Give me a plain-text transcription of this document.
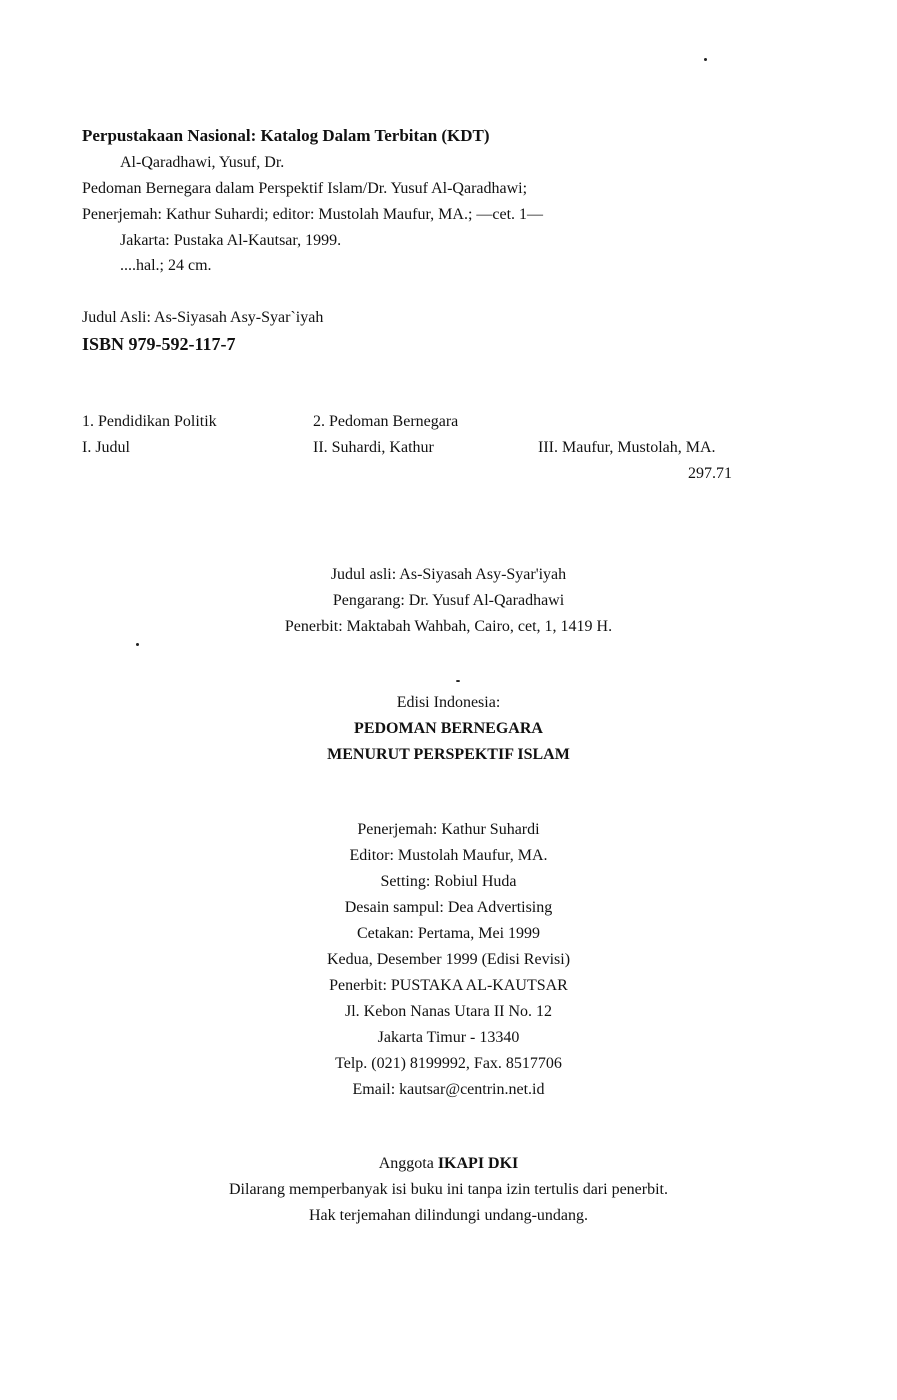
Perpustakaan Nasional: Katalog Dalam Terbitan (KDT)
Al-Qaradhawi, Yusuf, Dr.
Pedoman Bernegara dalam Perspektif Islam/Dr. Yusuf Al-Qaradhawi;
Penerjemah: Kathur Suhardi; editor: Mustolah Maufur, MA.; —cet. 1—
Jakarta: Pustaka Al-Kautsar, 1999.
....hal.; 24 cm.
Judul Asli: As-Siyasah Asy-Syar`iyah
ISBN 979-592-117-7
1. Pendidikan Politik	2. Pedoman Bernegara
I. Judul	II. Suhardi, Kathur	III. Maufur, Mustolah, MA.
297.71
Judul asli: As-Siyasah Asy-Syar'iyah
Pengarang: Dr. Yusuf Al-Qaradhawi
Penerbit: Maktabah Wahbah, Cairo, cet, 1, 1419 H.
Edisi Indonesia:
PEDOMAN BERNEGARA
MENURUT PERSPEKTIF ISLAM
Penerjemah: Kathur Suhardi
Editor: Mustolah Maufur, MA.
Setting: Robiul Huda
Desain sampul: Dea Advertising
Cetakan: Pertama, Mei 1999
Kedua, Desember 1999 (Edisi Revisi)
Penerbit: PUSTAKA AL-KAUTSAR
Jl. Kebon Nanas Utara II No. 12
Jakarta Timur - 13340
Telp. (021) 8199992, Fax. 8517706
Email: kautsar@centrin.net.id
Anggota IKAPI DKI
Dilarang memperbanyak isi buku ini tanpa izin tertulis dari penerbit.
Hak terjemahan dilindungi undang-undang.
